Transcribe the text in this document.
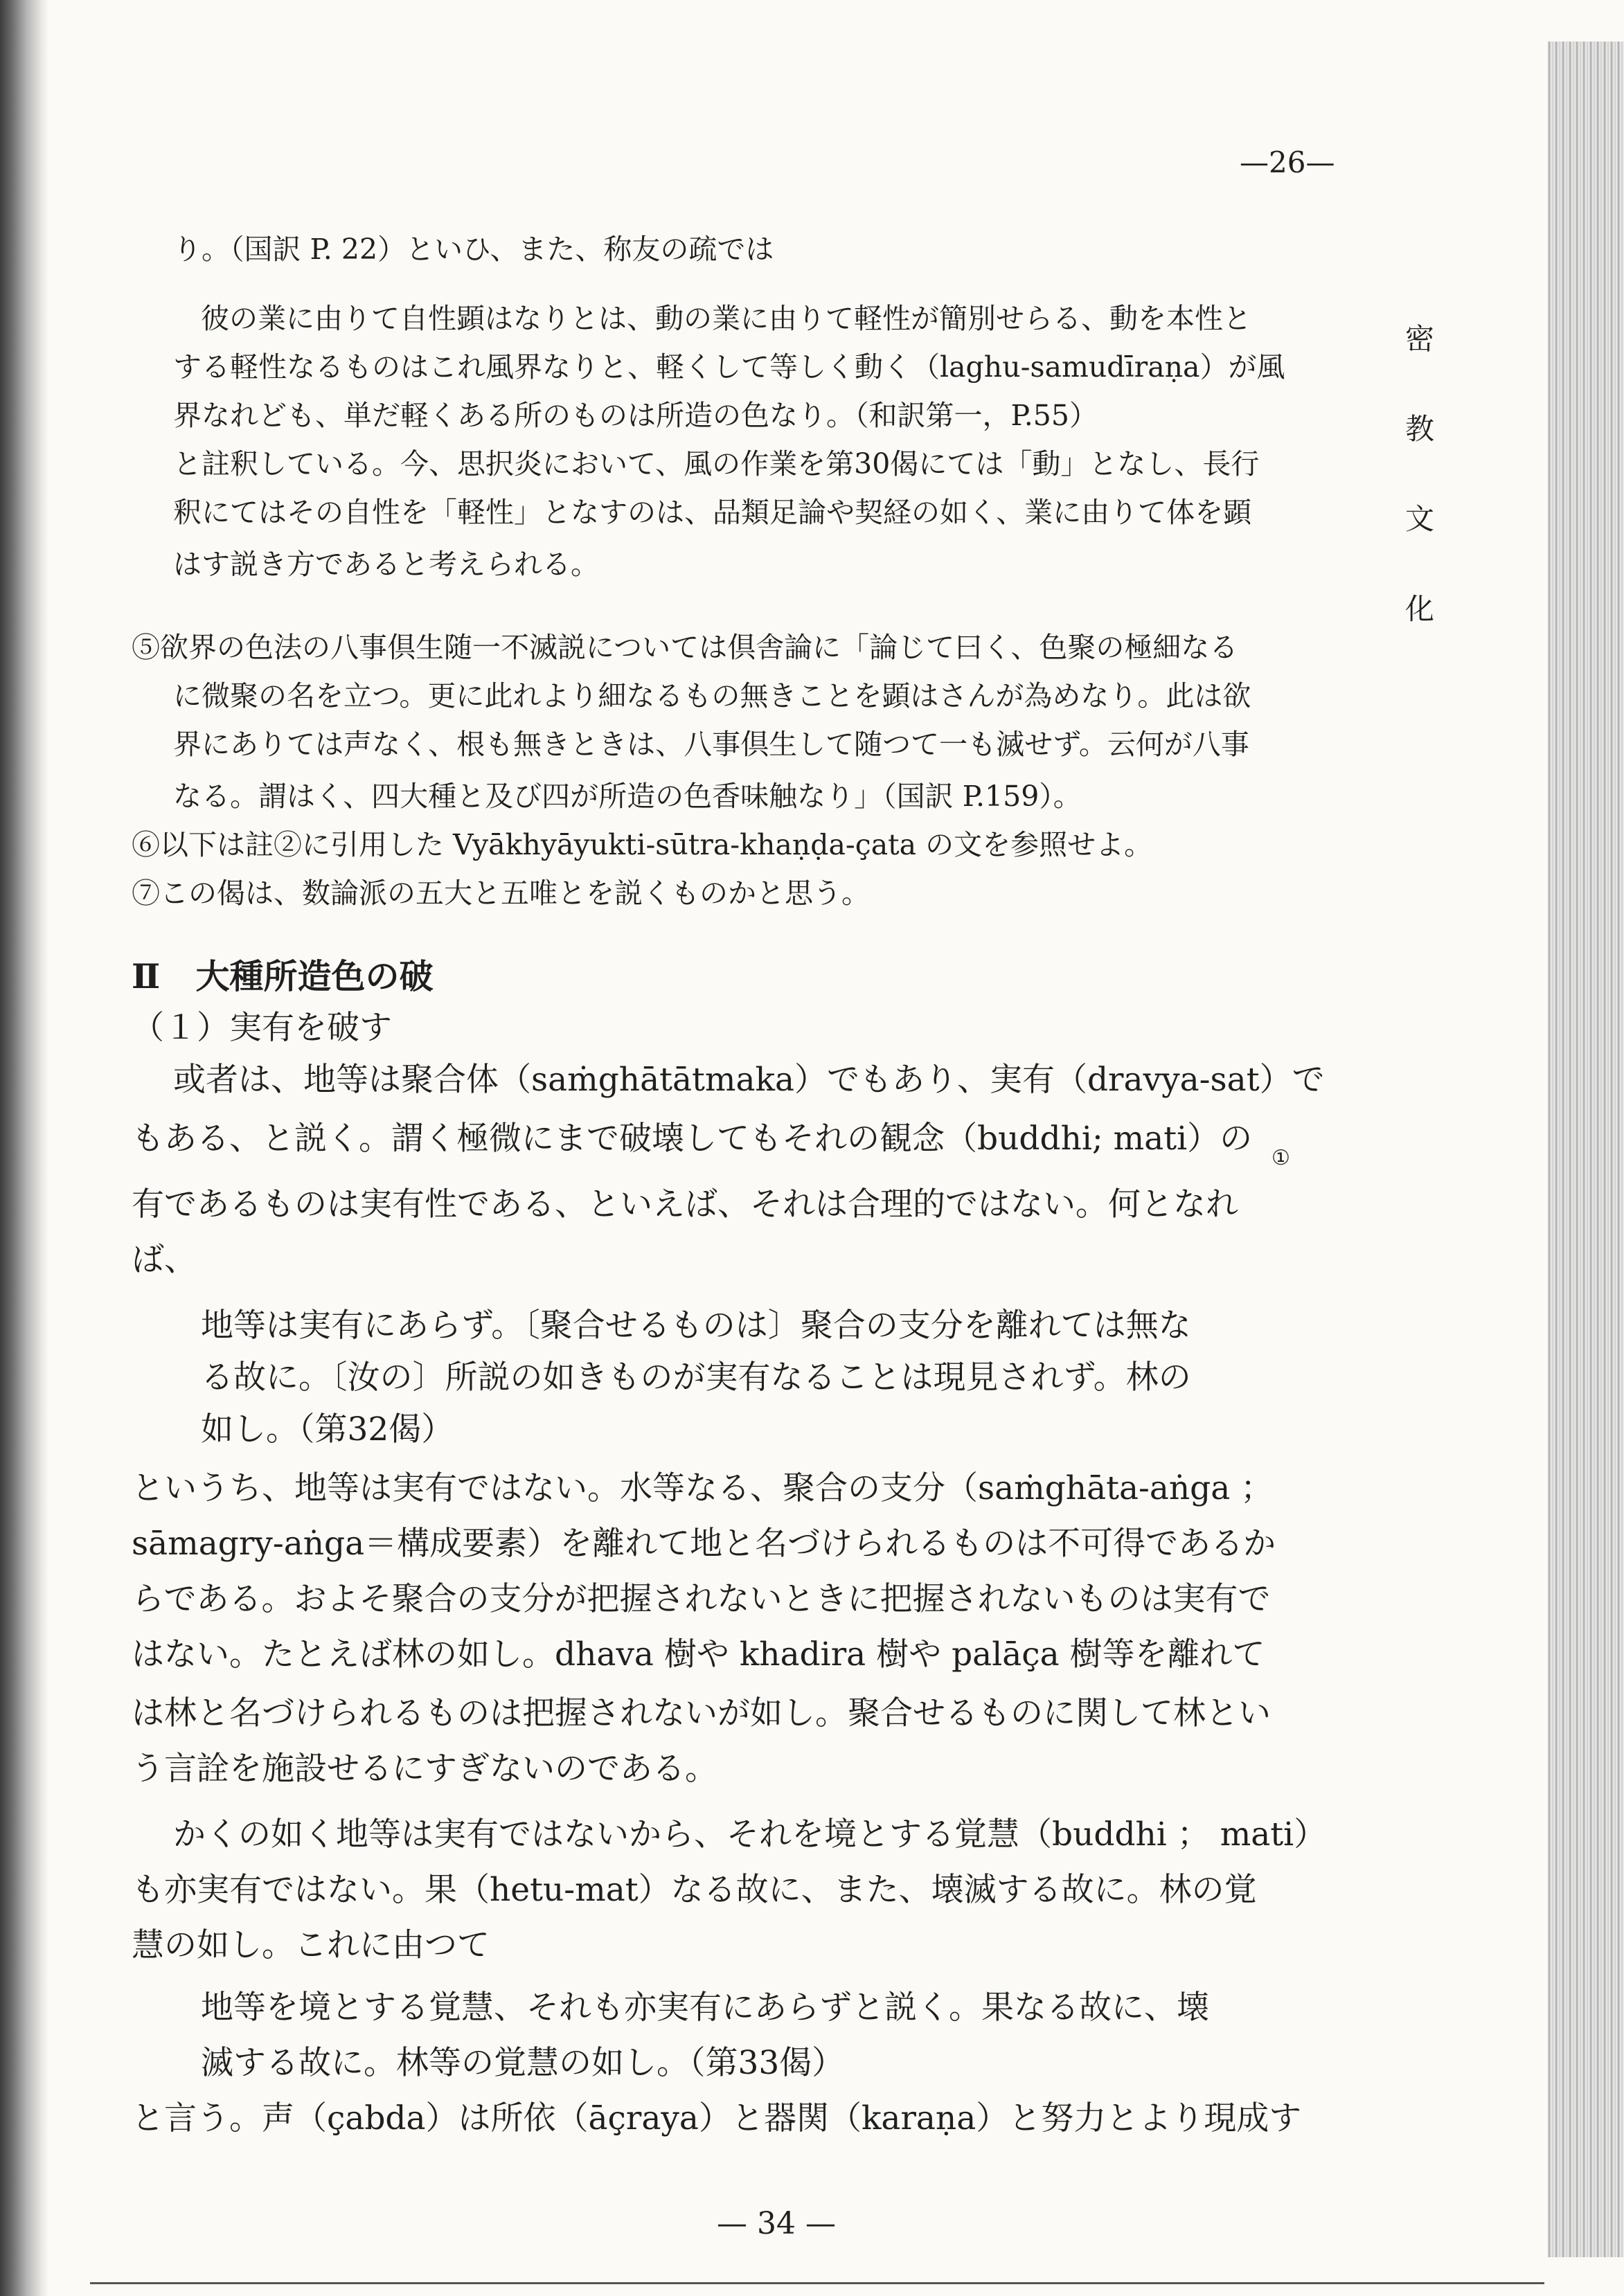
—26—
密
教
文
化
り。（国訳 P. 22）といひ、また、称友の疏では
彼の業に由りて自性顕はなりとは、動の業に由りて軽性が簡別せらる、動を本性と
する軽性なるものはこれ風界なりと、軽くして等しく動く（laghu-samudīraṇa）が風
界なれども、単だ軽くある所のものは所造の色なり。（和訳第一，P.55）
と註釈している。今、思択炎において、風の作業を第30偈にては「動」となし、長行
釈にてはその自性を「軽性」となすのは、品類足論や契経の如く、業に由りて体を顕
はす説き方であると考えられる。
⑤欲界の色法の八事倶生随一不滅説については倶舎論に「論じて曰く、色聚の極細なる
に微聚の名を立つ。更に此れより細なるもの無きことを顕はさんが為めなり。此は欲
界にありては声なく、根も無きときは、八事倶生して随つて一も滅せず。云何が八事
なる。謂はく、四大種と及び四が所造の色香味触なり」（国訳 P.159）。
⑥以下は註②に引用した Vyākhyāyukti-sūtra-khaṇḍa-çata の文を参照せよ。
⑦この偈は、数論派の五大と五唯とを説くものかと思う。
Ⅱ 大種所造色の破
（１）実有を破す
或者は、地等は聚合体（saṁghātātmaka）でもあり、実有（dravya-sat）で
もある、と説く。謂く極微にまで破壊してもそれの観念（buddhi; mati）の
①
有であるものは実有性である、といえば、それは合理的ではない。何となれ
ば、
地等は実有にあらず。〔聚合せるものは〕聚合の支分を離れては無な
る故に。〔汝の〕所説の如きものが実有なることは現見されず。林の
如し。（第32偈）
というち、地等は実有ではない。水等なる、聚合の支分（saṁghāta-aṅga ；
sāmagry-aṅga＝構成要素）を離れて地と名づけられるものは不可得であるか
らである。およそ聚合の支分が把握されないときに把握されないものは実有で
はない。たとえば林の如し。dhava 樹や khadira 樹や palāça 樹等を離れて
は林と名づけられるものは把握されないが如し。聚合せるものに関して林とい
う言詮を施設せるにすぎないのである。
かくの如く地等は実有ではないから、それを境とする覚慧（buddhi ； mati）
も亦実有ではない。果（hetu-mat）なる故に、また、壊滅する故に。林の覚
慧の如し。これに由つて
地等を境とする覚慧、それも亦実有にあらずと説く。果なる故に、壊
滅する故に。林等の覚慧の如し。（第33偈）
と言う。声（çabda）は所依（āçraya）と器関（karaṇa）と努力とより現成す
— 34 —
